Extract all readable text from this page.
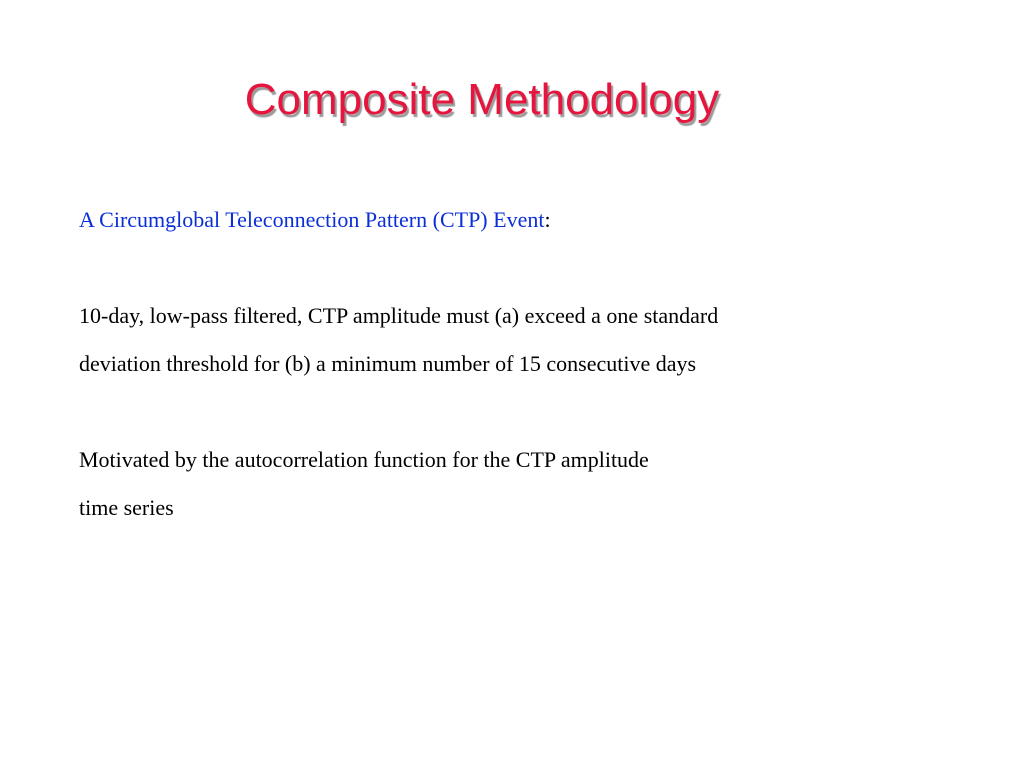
Composite Methodology
A Circumglobal Teleconnection Pattern (CTP) Event:
10-day, low-pass filtered, CTP amplitude must (a) exceed a one standard
deviation threshold for (b) a minimum number of 15 consecutive days
Motivated by the autocorrelation function for the CTP amplitude
time series
